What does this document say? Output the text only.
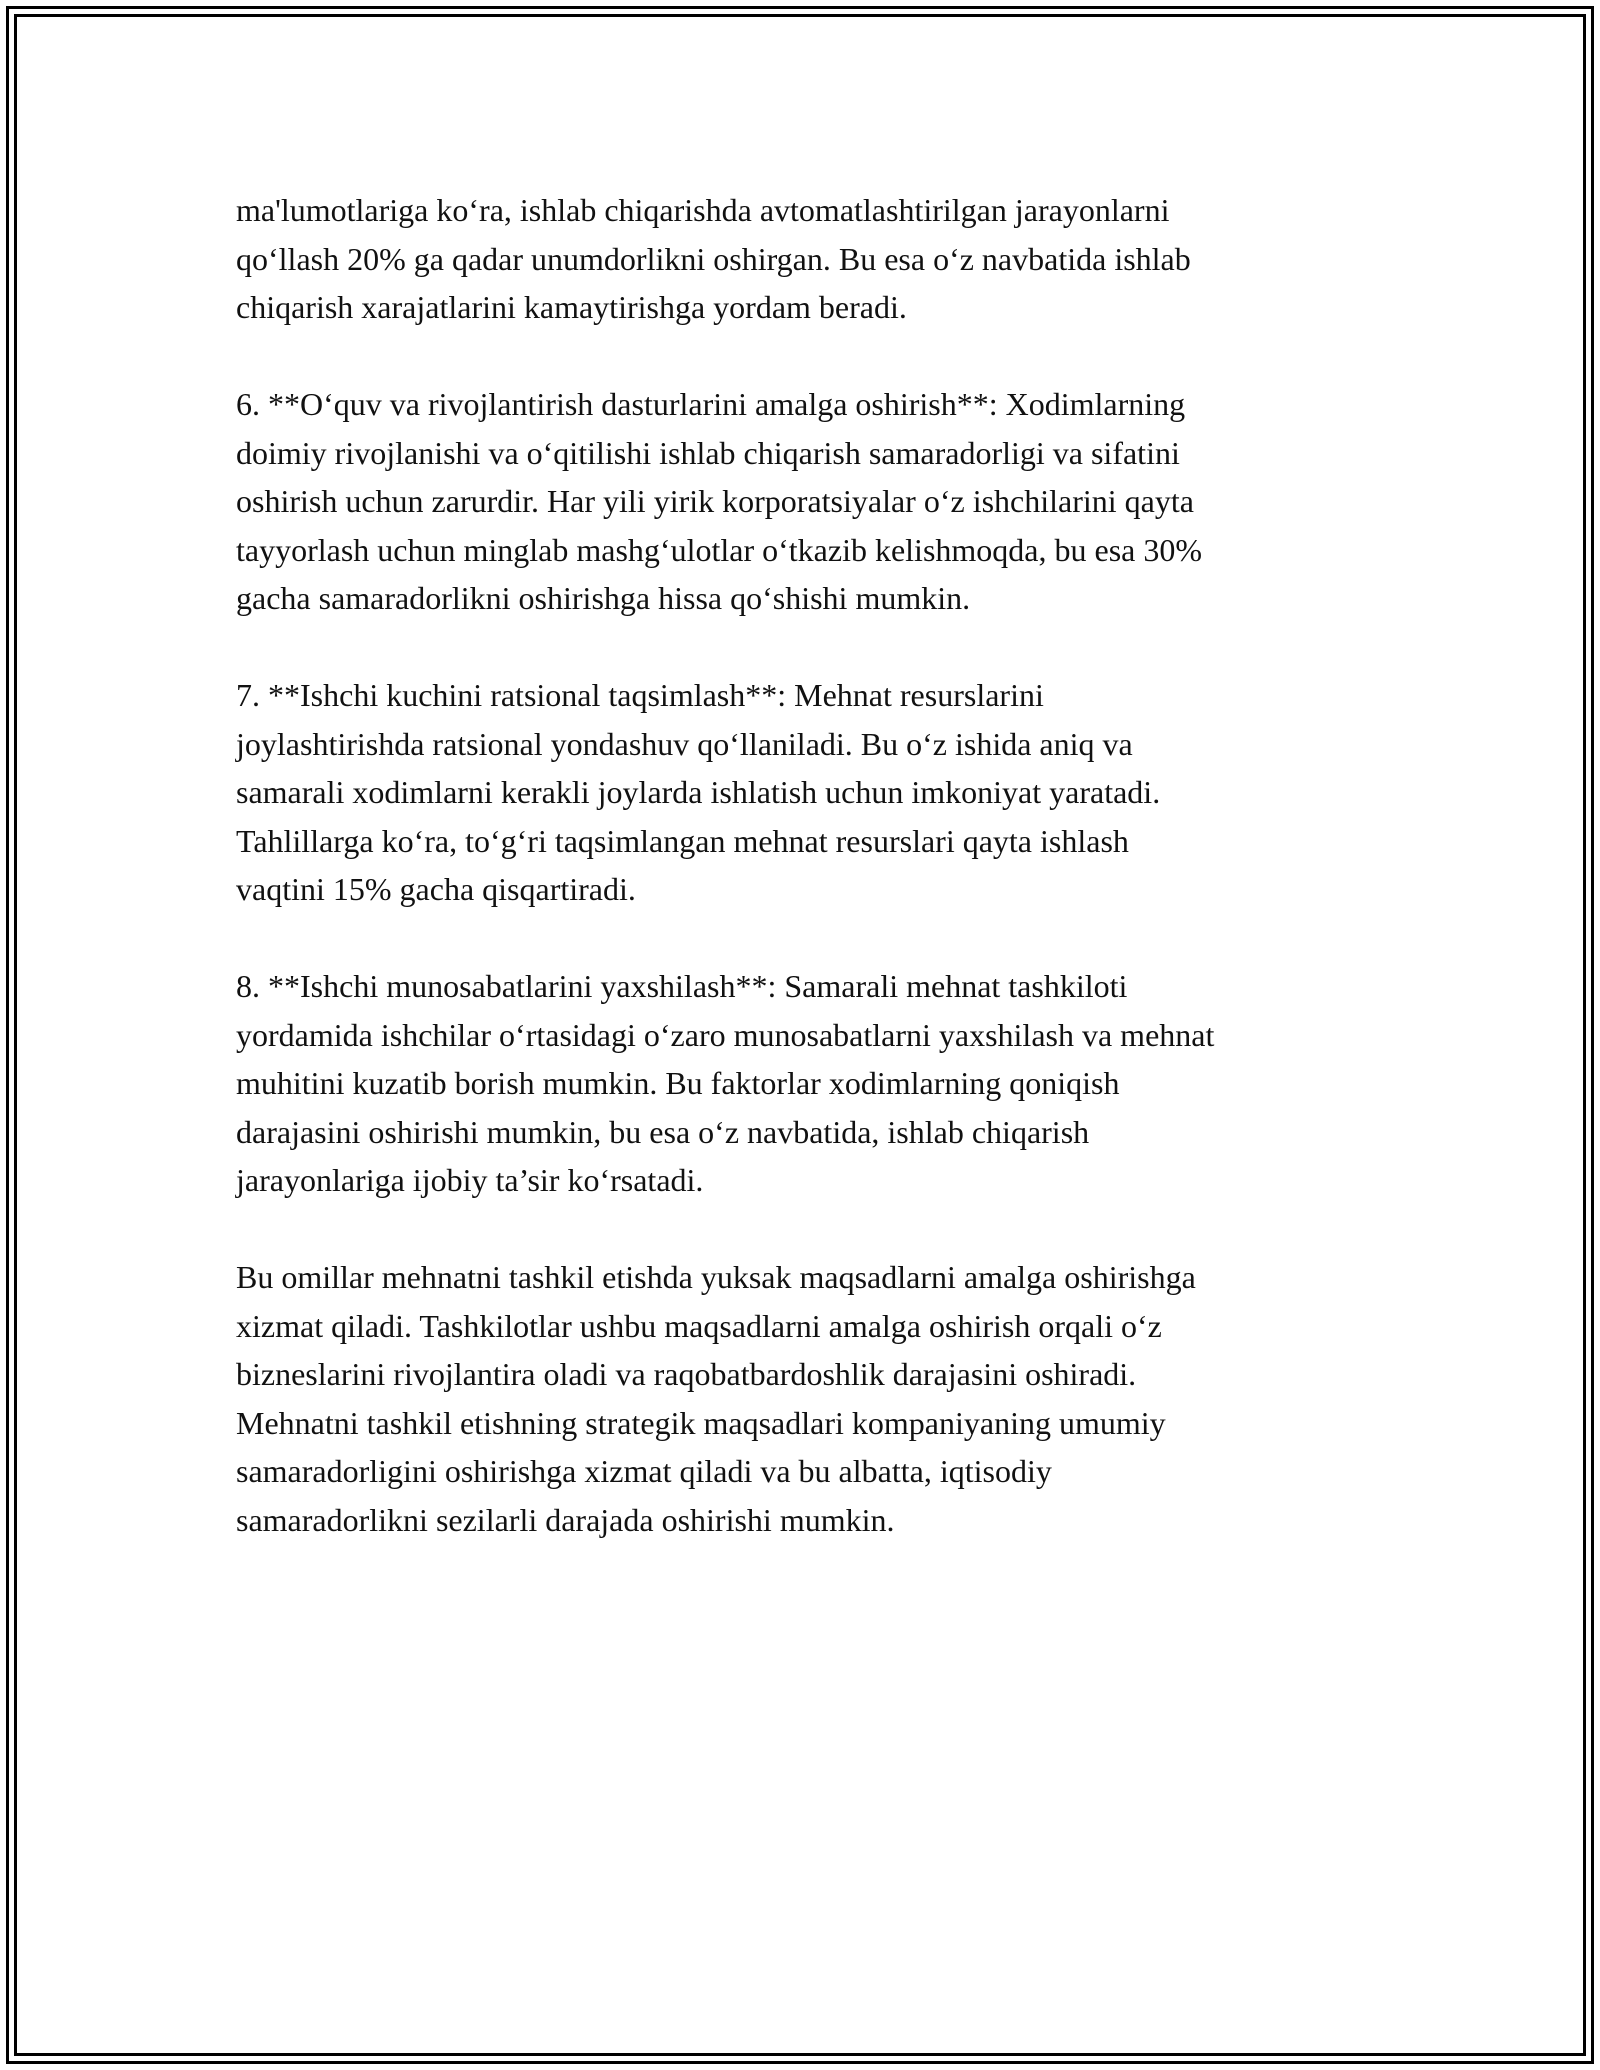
ma'lumotlariga ko‘ra, ishlab chiqarishda avtomatlashtirilgan jarayonlarni
qo‘llash 20% ga qadar unumdorlikni oshirgan. Bu esa o‘z navbatida ishlab
chiqarish xarajatlarini kamaytirishga yordam beradi.

6. **O‘quv va rivojlantirish dasturlarini amalga oshirish**: Xodimlarning
doimiy rivojlanishi va o‘qitilishi ishlab chiqarish samaradorligi va sifatini
oshirish uchun zarurdir. Har yili yirik korporatsiyalar o‘z ishchilarini qayta
tayyorlash uchun minglab mashg‘ulotlar o‘tkazib kelishmoqda, bu esa 30%
gacha samaradorlikni oshirishga hissa qo‘shishi mumkin.

7. **Ishchi kuchini ratsional taqsimlash**: Mehnat resurslarini
joylashtirishda ratsional yondashuv qo‘llaniladi. Bu o‘z ishida aniq va
samarali xodimlarni kerakli joylarda ishlatish uchun imkoniyat yaratadi.
Tahlillarga ko‘ra, to‘g‘ri taqsimlangan mehnat resurslari qayta ishlash
vaqtini 15% gacha qisqartiradi.

8. **Ishchi munosabatlarini yaxshilash**: Samarali mehnat tashkiloti
yordamida ishchilar o‘rtasidagi o‘zaro munosabatlarni yaxshilash va mehnat
muhitini kuzatib borish mumkin. Bu faktorlar xodimlarning qoniqish
darajasini oshirishi mumkin, bu esa o‘z navbatida, ishlab chiqarish
jarayonlariga ijobiy ta’sir ko‘rsatadi.

Bu omillar mehnatni tashkil etishda yuksak maqsadlarni amalga oshirishga
xizmat qiladi. Tashkilotlar ushbu maqsadlarni amalga oshirish orqali o‘z
bizneslarini rivojlantira oladi va raqobatbardoshlik darajasini oshiradi.
Mehnatni tashkil etishning strategik maqsadlari kompaniyaning umumiy
samaradorligini oshirishga xizmat qiladi va bu albatta, iqtisodiy
samaradorlikni sezilarli darajada oshirishi mumkin.
